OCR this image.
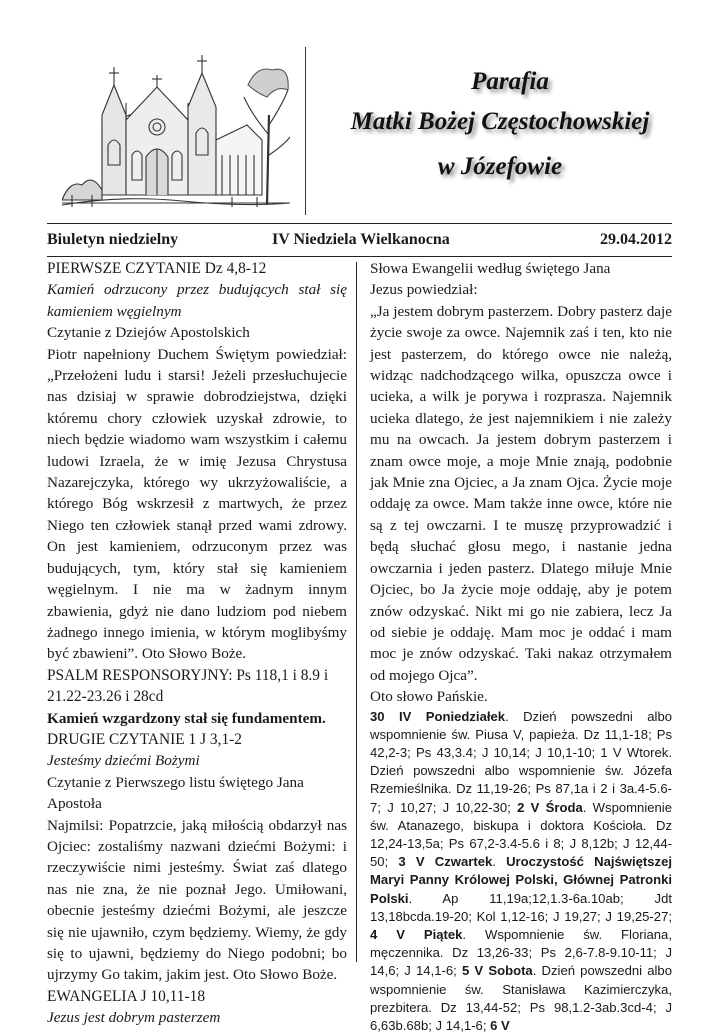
Parafia
Matki Bożej Częstochowskiej
w Józefowie
Biuletyn niedzielny	IV Niedziela Wielkanocna	29.04.2012

PIERWSZE CZYTANIE Dz 4,8-12

Kamień odrzucony przez budujących stał się kamieniem węgielnym

Czytanie z Dziejów Apostolskich

Piotr napełniony Duchem Świętym powiedział: „Przełożeni ludu i starsi! Jeżeli przesłuchujecie nas dzisiaj w sprawie dobrodziejstwa, dzięki któremu chory człowiek uzyskał zdrowie, to niech będzie wiadomo wam wszystkim i całemu ludowi Izraela, że w imię Jezusa Chrystusa Nazarejczyka, którego wy ukrzyżowaliście, a którego Bóg wskrzesił z martwych, że przez Niego ten człowiek stanął przed wami zdrowy. On jest kamieniem, odrzuconym przez was budujących, tym, który stał się kamieniem węgielnym. I nie ma w żadnym innym zbawienia, gdyż nie dano ludziom pod niebem żadnego innego imienia, w którym moglibyśmy być zbawieni”. Oto Słowo Boże.

PSALM RESPONSORYJNY: Ps 118,1 i 8.9 i 21.22-23.26 i 28cd

Kamień wzgardzony stał się fundamentem.

DRUGIE CZYTANIE 1 J 3,1-2

Jesteśmy dziećmi Bożymi

Czytanie z Pierwszego listu świętego Jana Apostoła

Najmilsi: Popatrzcie, jaką miłością obdarzył nas Ojciec: zostaliśmy nazwani dziećmi Bożymi: i rzeczywiście nimi jesteśmy. Świat zaś dlatego nas nie zna, że nie poznał Jego. Umiłowani, obecnie jesteśmy dziećmi Bożymi, ale jeszcze się nie ujawniło, czym będziemy. Wiemy, że gdy się to ujawni, będziemy do Niego podobni; bo ujrzymy Go takim, jakim jest. Oto Słowo Boże.

EWANGELIA J 10,11-18

Jezus jest dobrym pasterzem

Słowa Ewangelii według świętego Jana

Jezus powiedział:

„Ja jestem dobrym pasterzem. Dobry pasterz daje życie swoje za owce. Najemnik zaś i ten, kto nie jest pasterzem, do którego owce nie należą, widząc nadchodzącego wilka, opuszcza owce i ucieka, a wilk je porywa i rozprasza. Najemnik ucieka dlatego, że jest najemnikiem i nie zależy mu na owcach. Ja jestem dobrym pasterzem i znam owce moje, a moje Mnie znają, podobnie jak Mnie zna Ojciec, a Ja znam Ojca. Życie moje oddaję za owce. Mam także inne owce, które nie są z tej owczarni. I te muszę przyprowadzić i będą słuchać głosu mego, i nastanie jedna owczarnia i jeden pasterz. Dlatego miłuje Mnie Ojciec, bo Ja życie moje oddaję, aby je potem znów odzyskać. Nikt mi go nie zabiera, lecz Ja od siebie je oddaję. Mam moc je oddać i mam moc je znów odzyskać. Taki nakaz otrzymałem od mojego Ojca”.

Oto słowo Pańskie.

30 IV Poniedziałek. Dzień powszedni albo wspomnienie św. Piusa V, papieża. Dz 11,1-18; Ps 42,2-3; Ps 43,3.4; J 10,14; J 10,1-10; 1 V Wtorek. Dzień powszedni albo wspomnienie św. Józefa Rzemieślnika. Dz 11,19-26; Ps 87,1a i 2 i 3a.4-5.6-7; J 10,27; J 10,22-30; 2 V Środa. Wspomnienie św. Atanazego, biskupa i doktora Kościoła. Dz 12,24-13,5a; Ps 67,2-3.4-5.6 i 8; J 8,12b; J 12,44-50; 3 V Czwartek. Uroczystość Najświętszej Maryi Panny Królowej Polski, Głównej Patronki Polski. Ap 11,19a;12,1.3-6a.10ab; Jdt 13,18bcda.19-20; Kol 1,12-16; J 19,27; J 19,25-27; 4 V Piątek. Wspomnienie św. Floriana, męczennika. Dz 13,26-33; Ps 2,6-7.8-9.10-11; J 14,6; J 14,1-6; 5 V Sobota. Dzień powszedni albo wspomnienie św. Stanisława Kazimierczyka, prezbitera. Dz 13,44-52; Ps 98,1.2-3ab.3cd-4; J 6,63b.68b; J 14,1-6; 6 V
